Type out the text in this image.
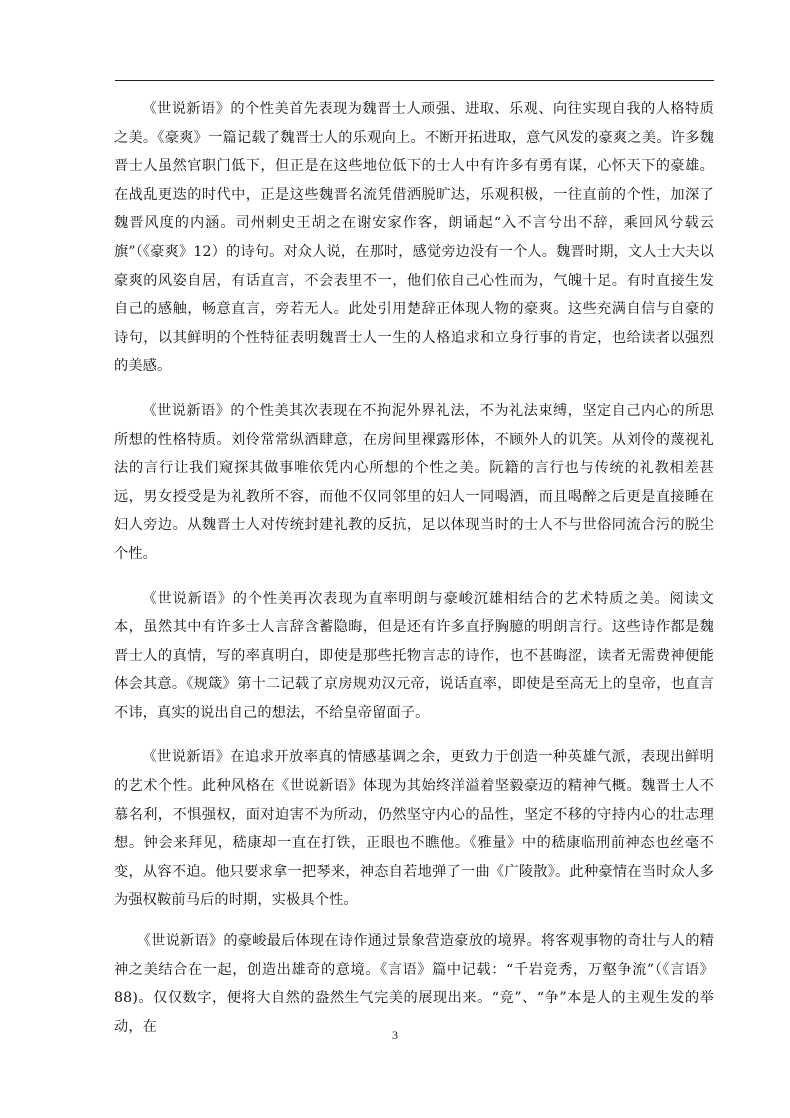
《世说新语》的个性美首先表现为魏晋士人顽强、进取、乐观、向往实现自我的人格特质之美。《豪爽》一篇记载了魏晋士人的乐观向上。不断开拓进取，意气风发的豪爽之美。许多魏晋士人虽然官职门低下，但正是在这些地位低下的士人中有许多有勇有谋，心怀天下的豪雄。在战乱更迭的时代中，正是这些魏晋名流凭借洒脱旷达，乐观积极，一往直前的个性，加深了魏晋风度的内涵。司州刺史王胡之在谢安家作客，朗诵起“入不言兮出不辞，乘回风兮载云旗”（《豪爽》12）的诗句。对众人说，在那时，感觉旁边没有一个人。魏晋时期，文人士大夫以豪爽的风姿自居，有话直言，不会表里不一，他们依自己心性而为，气魄十足。有时直接生发自己的感触，畅意直言，旁若无人。此处引用楚辞正体现人物的豪爽。这些充满自信与自豪的诗句，以其鲜明的个性特征表明魏晋士人一生的人格追求和立身行事的肯定，也给读者以强烈的美感。

《世说新语》的个性美其次表现在不拘泥外界礼法，不为礼法束缚，坚定自己内心的所思所想的性格特质。刘伶常常纵酒肆意，在房间里裸露形体，不顾外人的讥笑。从刘伶的蔑视礼法的言行让我们窥探其做事唯依凭内心所想的个性之美。阮籍的言行也与传统的礼教相差甚远，男女授受是为礼教所不容，而他不仅同邻里的妇人一同喝酒，而且喝醉之后更是直接睡在妇人旁边。从魏晋士人对传统封建礼教的反抗，足以体现当时的士人不与世俗同流合污的脱尘个性。

《世说新语》的个性美再次表现为直率明朗与豪峻沉雄相结合的艺术特质之美。阅读文本，虽然其中有许多士人言辞含蓄隐晦，但是还有许多直抒胸臆的明朗言行。这些诗作都是魏晋士人的真情，写的率真明白，即使是那些托物言志的诗作，也不甚晦涩，读者无需费神便能体会其意。《规箴》第十二记载了京房规劝汉元帝，说话直率，即使是至高无上的皇帝，也直言不讳，真实的说出自己的想法，不给皇帝留面子。

《世说新语》在追求开放率真的情感基调之余，更致力于创造一种英雄气派，表现出鲜明的艺术个性。此种风格在《世说新语》体现为其始终洋溢着坚毅豪迈的精神气概。魏晋士人不慕名利，不惧强权，面对迫害不为所动，仍然坚守内心的品性，坚定不移的守持内心的壮志理想。钟会来拜见，嵇康却一直在打铁，正眼也不瞧他。《雅量》中的嵇康临刑前神态也丝毫不变，从容不迫。他只要求拿一把琴来，神态自若地弹了一曲《广陵散》。此种豪情在当时众人多为强权鞍前马后的时期，实极具个性。

《世说新语》的豪峻最后体现在诗作通过景象营造豪放的境界。将客观事物的奇壮与人的精神之美结合在一起，创造出雄奇的意境。《言语》篇中记载：“千岩竞秀，万壑争流”（《言语》88)。仅仅数字，便将大自然的盎然生气完美的展现出来。“竞”、“争”本是人的主观生发的举动，在

3
